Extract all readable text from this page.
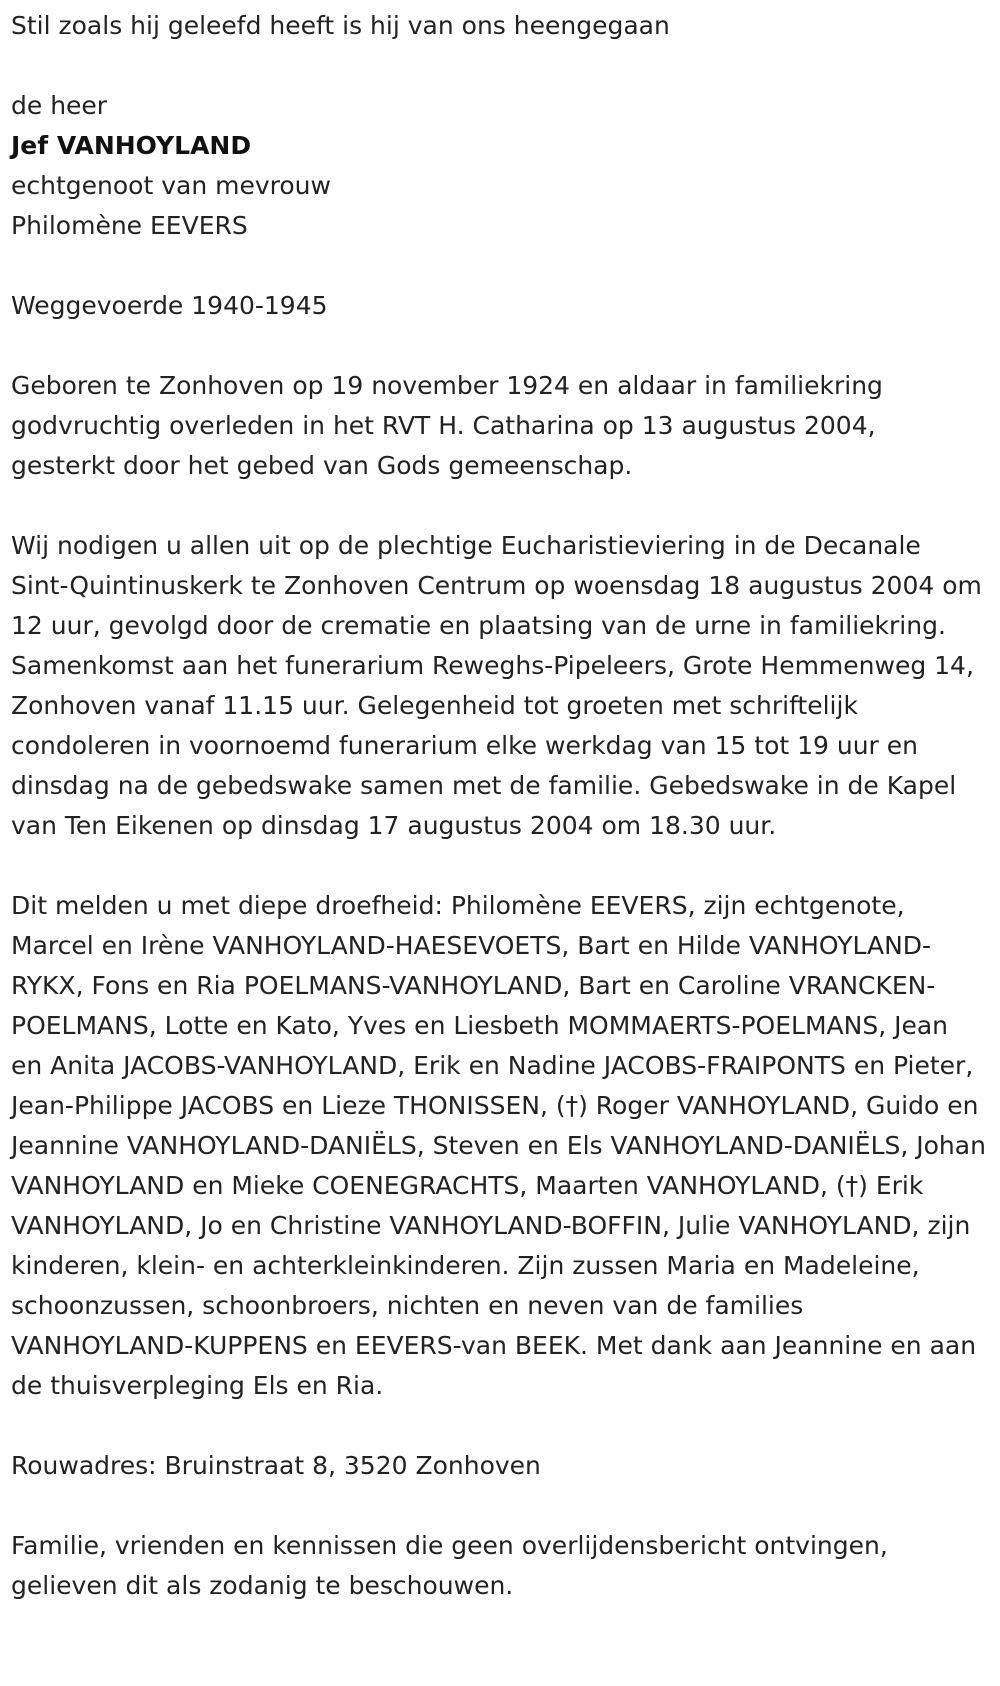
Stil zoals hij geleefd heeft is hij van ons heengegaan

de heer

Jef VANHOYLAND

echtgenoot van mevrouw

Philomène EEVERS

Weggevoerde 1940-1945

Geboren te Zonhoven op 19 november 1924 en aldaar in familiekring godvruchtig overleden in het RVT H. Catharina op 13 augustus 2004, gesterkt door het gebed van Gods gemeenschap.

Wij nodigen u allen uit op de plechtige Eucharistieviering in de Decanale Sint-Quintinuskerk te Zonhoven Centrum op woensdag 18 augustus 2004 om 12 uur, gevolgd door de crematie en plaatsing van de urne in familiekring. Samenkomst aan het funerarium Reweghs-Pipeleers, Grote Hemmenweg 14, Zonhoven vanaf 11.15 uur. Gelegenheid tot groeten met schriftelijk condoleren in voornoemd funerarium elke werkdag van 15 tot 19 uur en dinsdag na de gebedswake samen met de familie. Gebedswake in de Kapel van Ten Eikenen op dinsdag 17 augustus 2004 om 18.30 uur.

Dit melden u met diepe droefheid: Philomène EEVERS, zijn echtgenote, Marcel en Irène VANHOYLAND-HAESEVOETS, Bart en Hilde VANHOYLAND-RYKX, Fons en Ria POELMANS-VANHOYLAND, Bart en Caroline VRANCKEN-POELMANS, Lotte en Kato, Yves en Liesbeth MOMMAERTS-POELMANS, Jean en Anita JACOBS-VANHOYLAND, Erik en Nadine JACOBS-FRAIPONTS en Pieter, Jean-Philippe JACOBS en Lieze THONISSEN, (†) Roger VANHOYLAND, Guido en Jeannine VANHOYLAND-DANIËLS, Steven en Els VANHOYLAND-DANIËLS, Johan VANHOYLAND en Mieke COENEGRACHTS, Maarten VANHOYLAND, (†) Erik VANHOYLAND, Jo en Christine VANHOYLAND-BOFFIN, Julie VANHOYLAND, zijn kinderen, klein- en achterkleinkinderen. Zijn zussen Maria en Madeleine, schoonzussen, schoonbroers, nichten en neven van de families VANHOYLAND-KUPPENS en EEVERS-van BEEK. Met dank aan Jeannine en aan de thuisverpleging Els en Ria.

Rouwadres: Bruinstraat 8, 3520 Zonhoven

Familie, vrienden en kennissen die geen overlijdensbericht ontvingen, gelieven dit als zodanig te beschouwen.
